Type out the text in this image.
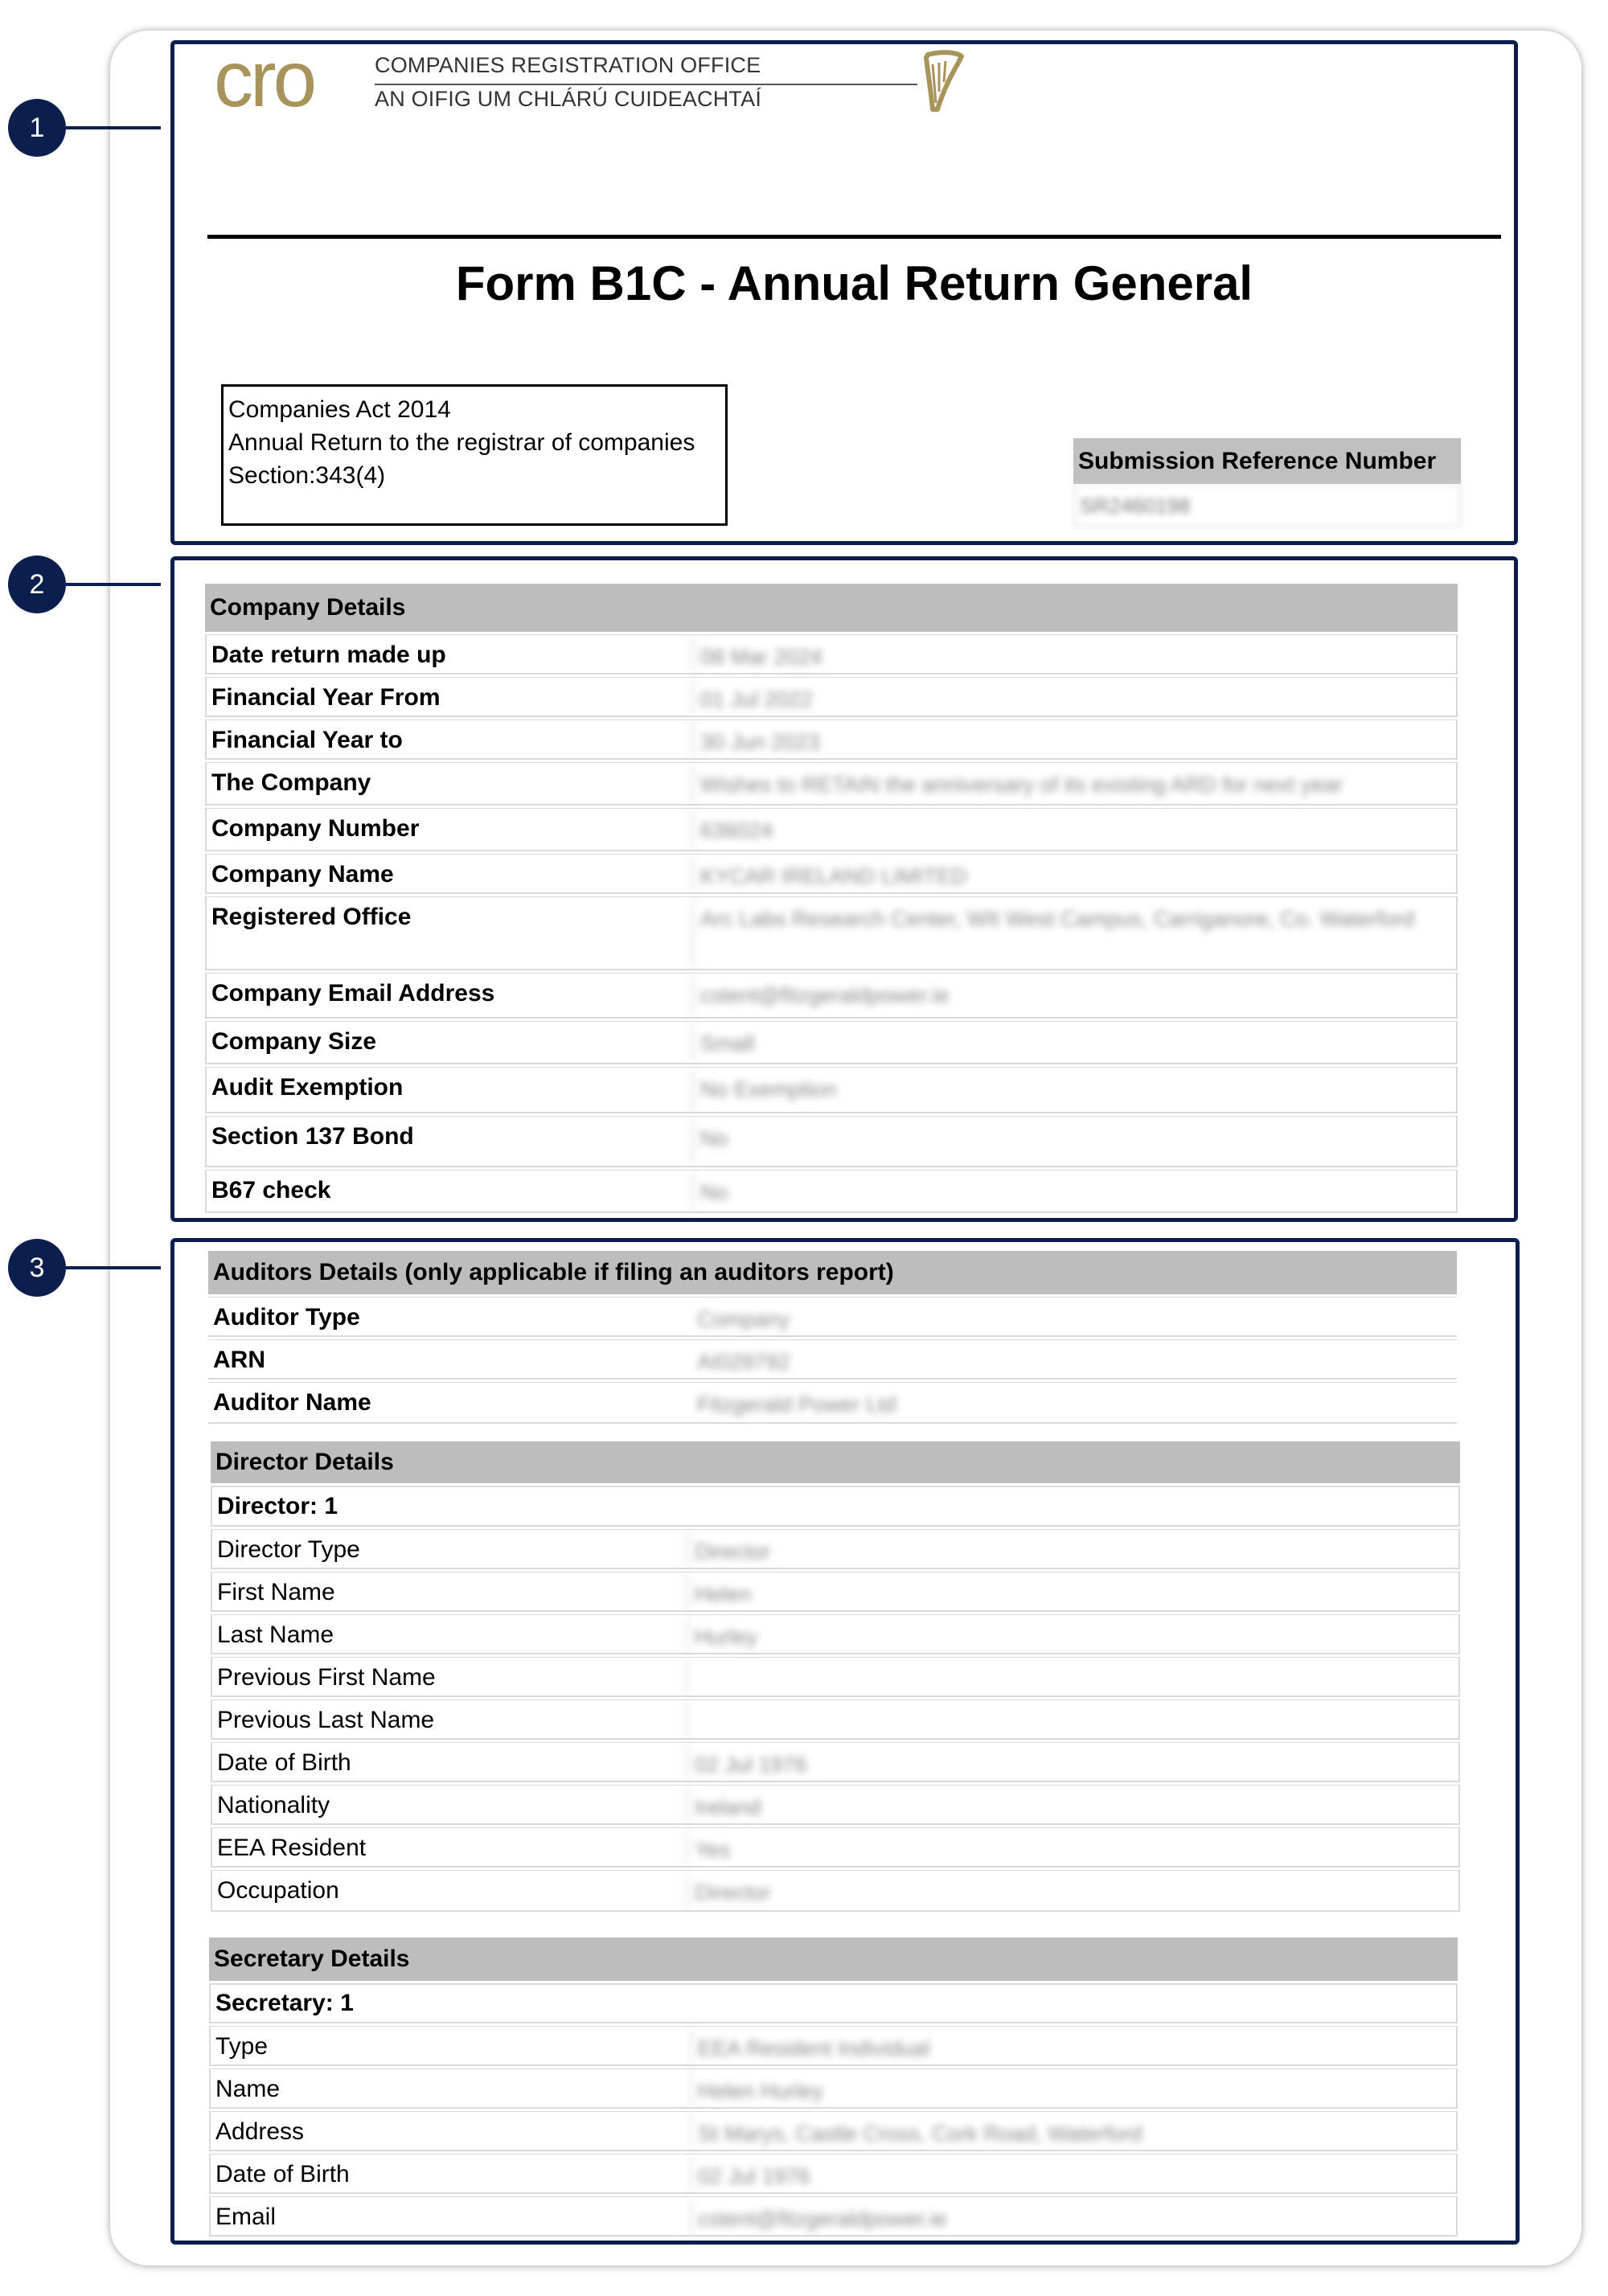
1
2
3
cro	COMPANIES REGISTRATION OFFICE
AN OIFIG UM CHLÁRÚ CUIDEACHTAÍ
Form B1C - Annual Return General
Companies Act 2014
Annual Return to the registrar of companies
Section:343(4)
Submission Reference Number
SR2460198
Company Details
Date return made up	08 Mar 2024
Financial Year From	01 Jul 2022
Financial Year to	30 Jun 2023
The Company	Wishes to RETAIN the anniversary of its existing ARD for next year
Company Number	636024
Company Name	KYCAR IRELAND LIMITED
Registered Office	Arc Labs Research Center, WIt West Campus, Carriganore, Co. Waterford
Company Email Address	cstent@fitzgeraldpower.ie
Company Size	Small
Audit Exemption	No Exemption
Section 137 Bond	No
B67 check	No
Auditors Details (only applicable if filing an auditors report)
Auditor Type	Company
ARN	AI029792
Auditor Name	Fitzgerald Power Ltd
Director Details
Director: 1
Director Type	Director
First Name	Helen
Last Name	Hurley
Previous First Name
Previous Last Name
Date of Birth	02 Jul 1976
Nationality	Ireland
EEA Resident	Yes
Occupation	Director
Secretary Details
Secretary: 1
Type	EEA Resident Individual
Name	Helen Hurley
Address	St Marys, Castle Cross, Cork Road, Waterford
Date of Birth	02 Jul 1976
Email	cstent@fitzgeraldpower.ie
